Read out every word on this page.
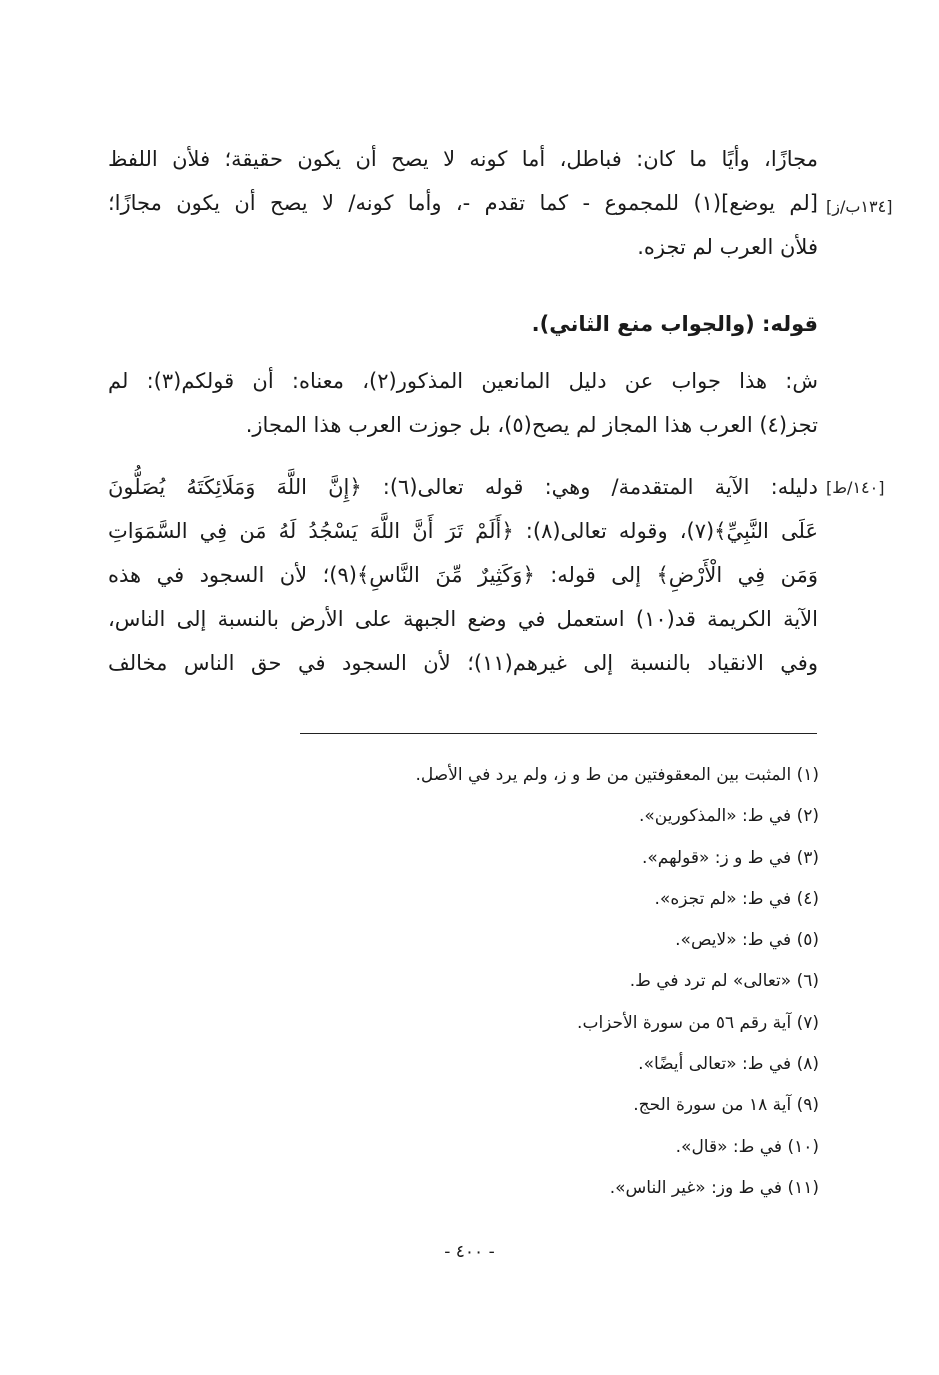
[١٣٤ب/ز]
[١٤٠/ط]
مجازًا، وأيًا ما كان: فباطل، أما كونه لا يصح أن يكون حقيقة؛ فلأن اللفظ
[لم يوضع](١) للمجموع - كما تقدم -، وأما كونه/ لا يصح أن يكون مجازًا؛
فلأن العرب لم تجزه.
قوله: (والجواب منع الثاني).
ش: هذا جواب عن دليل المانعين المذكور(٢)، معناه: أن قولكم(٣): لم
تجز(٤) العرب هذا المجاز لم يصح(٥)، بل جوزت العرب هذا المجاز.
دليله: الآية المتقدمة/ وهي: قوله تعالى(٦): ﴿إِنَّ اللَّهَ وَمَلَائِكَتَهُ يُصَلُّونَ
عَلَى النَّبِيِّ﴾(٧)، وقوله تعالى(٨): ﴿أَلَمْ تَرَ أَنَّ اللَّهَ يَسْجُدُ لَهُ مَن فِي السَّمَوَاتِ
وَمَن فِي الْأَرْضِ﴾ إلى قوله: ﴿وَكَثِيرٌ مِّنَ النَّاسِ﴾(٩)؛ لأن السجود في هذه
الآية الكريمة قد(١٠) استعمل في وضع الجبهة على الأرض بالنسبة إلى الناس،
وفي الانقياد بالنسبة إلى غيرهم(١١)؛ لأن السجود في حق الناس مخالف
(١) المثبت بين المعقوفتين من ط و ز، ولم يرد في الأصل.
(٢) في ط: «المذكورين».
(٣) في ط و ز: «قولهم».
(٤) في ط: «لم تجزه».
(٥) في ط: «لايص».
(٦) «تعالى» لم ترد في ط.
(٧) آية رقم ٥٦ من سورة الأحزاب.
(٨) في ط: «تعالى أيضًا».
(٩) آية ١٨ من سورة الحج.
(١٠) في ط: «قال».
(١١) في ط وز: «غير الناس».
- ٤٠٠ -
